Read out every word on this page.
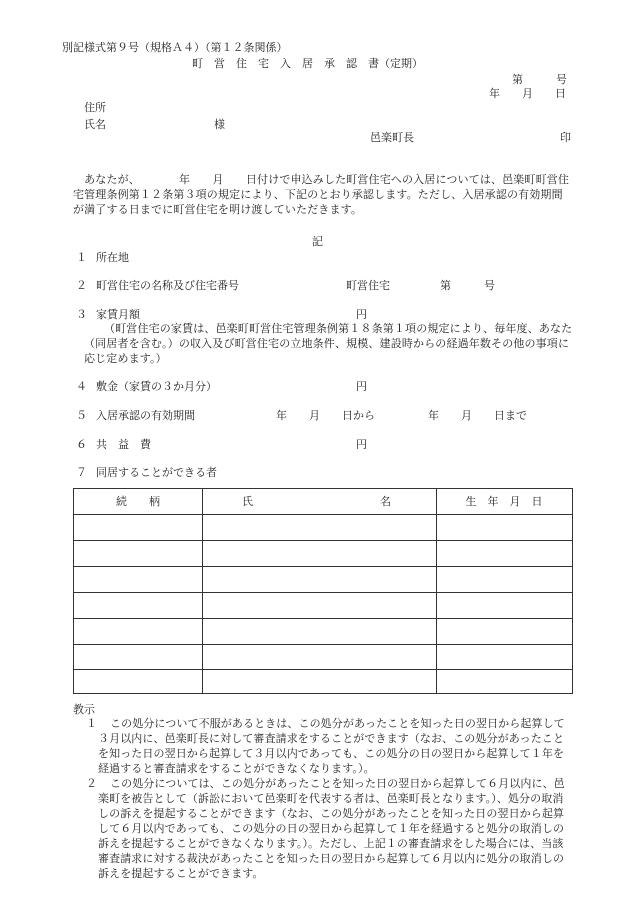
別記様式第９号（規格Ａ４）（第１２条関係）
町　営　住　宅　入　居　承　認　書（定期）
第　　　号
年　　月　　日
住所
氏名	様
邑楽町長	印
　あなたが、　　　　年　　月　　日付けで申込みした町営住宅への入居については、邑楽町町営住宅管理条例第１２条第３項の規定により、下記のとおり承認します。ただし、入居承認の有効期間が満了する日までに町営住宅を明け渡していただきます。
記
１ 所在地
２ 町営住宅の名称及び住宅番号	町営住宅	第　　　号
３ 家賃月額	円
（町営住宅の家賃は、邑楽町町営住宅管理条例第１８条第１項の規定により、毎年度、あなた（同居者を含む。）の収入及び町営住宅の立地条件、規模、建設時からの経過年数その他の事項に応じ定めます。）
４ 敷金（家賃の３か月分）	円
５ 入居承認の有効期間	年　　月　　日から	年　　月　　日まで
６ 共　益　費	円
７ 同居することができる者
続　　柄	氏	名	生　年　月　日
教示
１	この処分について不服があるときは、この処分があったことを知った日の翌日から起算して３月以内に、邑楽町長に対して審査請求をすることができます（なお、この処分があったことを知った日の翌日から起算して３月以内であっても、この処分の日の翌日から起算して１年を経過すると審査請求をすることができなくなります。）。
２	この処分については、この処分があったことを知った日の翌日から起算して６月以内に、邑楽町を被告として（訴訟において邑楽町を代表する者は、邑楽町長となります。）、処分の取消しの訴えを提起することができます（なお、この処分があったことを知った日の翌日から起算して６月以内であっても、この処分の日の翌日から起算して１年を経過すると処分の取消しの訴えを提起することができなくなります。）。ただし、上記１の審査請求をした場合には、当該審査請求に対する裁決があったことを知った日の翌日から起算して６月以内に処分の取消しの訴えを提起することができます。
